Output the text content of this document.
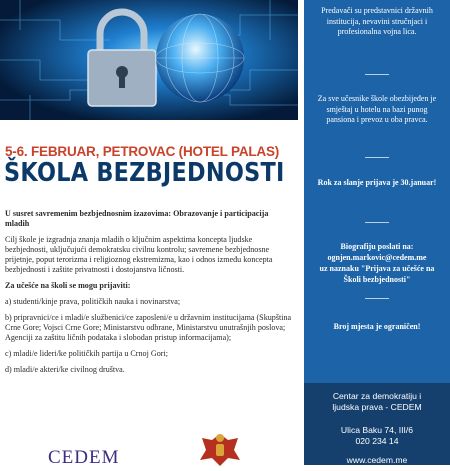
5-6. FEBRUAR, PETROVAC (HOTEL PALAS)
ŠKOLA BEZBJEDNOSTI

U susret savremenim bezbjednosnim izazovima: Obrazovanje i participacija mladih

Cilj škole je izgradnja znanja mladih o ključnim aspektima koncepta ljudske bezbjednosti, uključujući demokratsku civilnu kontrolu; savremene bezbjednosne prijetnje, poput terorizma i religioznog ekstremizma, kao i odnos između koncepta bezbjednosti i zaštite privatnosti i dostojanstva ličnosti.

Za učešće na školi se mogu prijaviti:

a) studenti/kinje prava, političkih nauka i novinarstva;

b) pripravnici/ce i mladi/e službenici/ce zaposleni/e u državnim institucijama (Skupština Crne Gore; Vojsci Crne Gore; Ministarstvu odbrane, Ministarstvu unutrašnjih poslova; Agenciji za zaštitu ličnih podataka i slobodan pristup informacijama);

c) mladi/e lideri/ke političkih partija u Crnoj Gori;

d) mladi/e akteri/ke civilnog društva.

CEDEM

Predavači su predstavnici državnih institucija, nevavini stručnjaci i profesionalna vojna lica.

Za sve učesnike škole obezbijeđen je smještaj u hotelu na bazi punog pansiona i prevoz u oba pravca.

Rok za slanje prijava je 30.januar!

Biografiju poslati na:

ognjen.markovic@cedem.me

uz naznaku "Prijava za učešće na Školi bezbjednosti"

Broj mjesta je ograničen!

Centar za demokratiju i

ljudska prava - CEDEM

Ulica Baku 74, III/6

020 234 14

www.cedem.me
